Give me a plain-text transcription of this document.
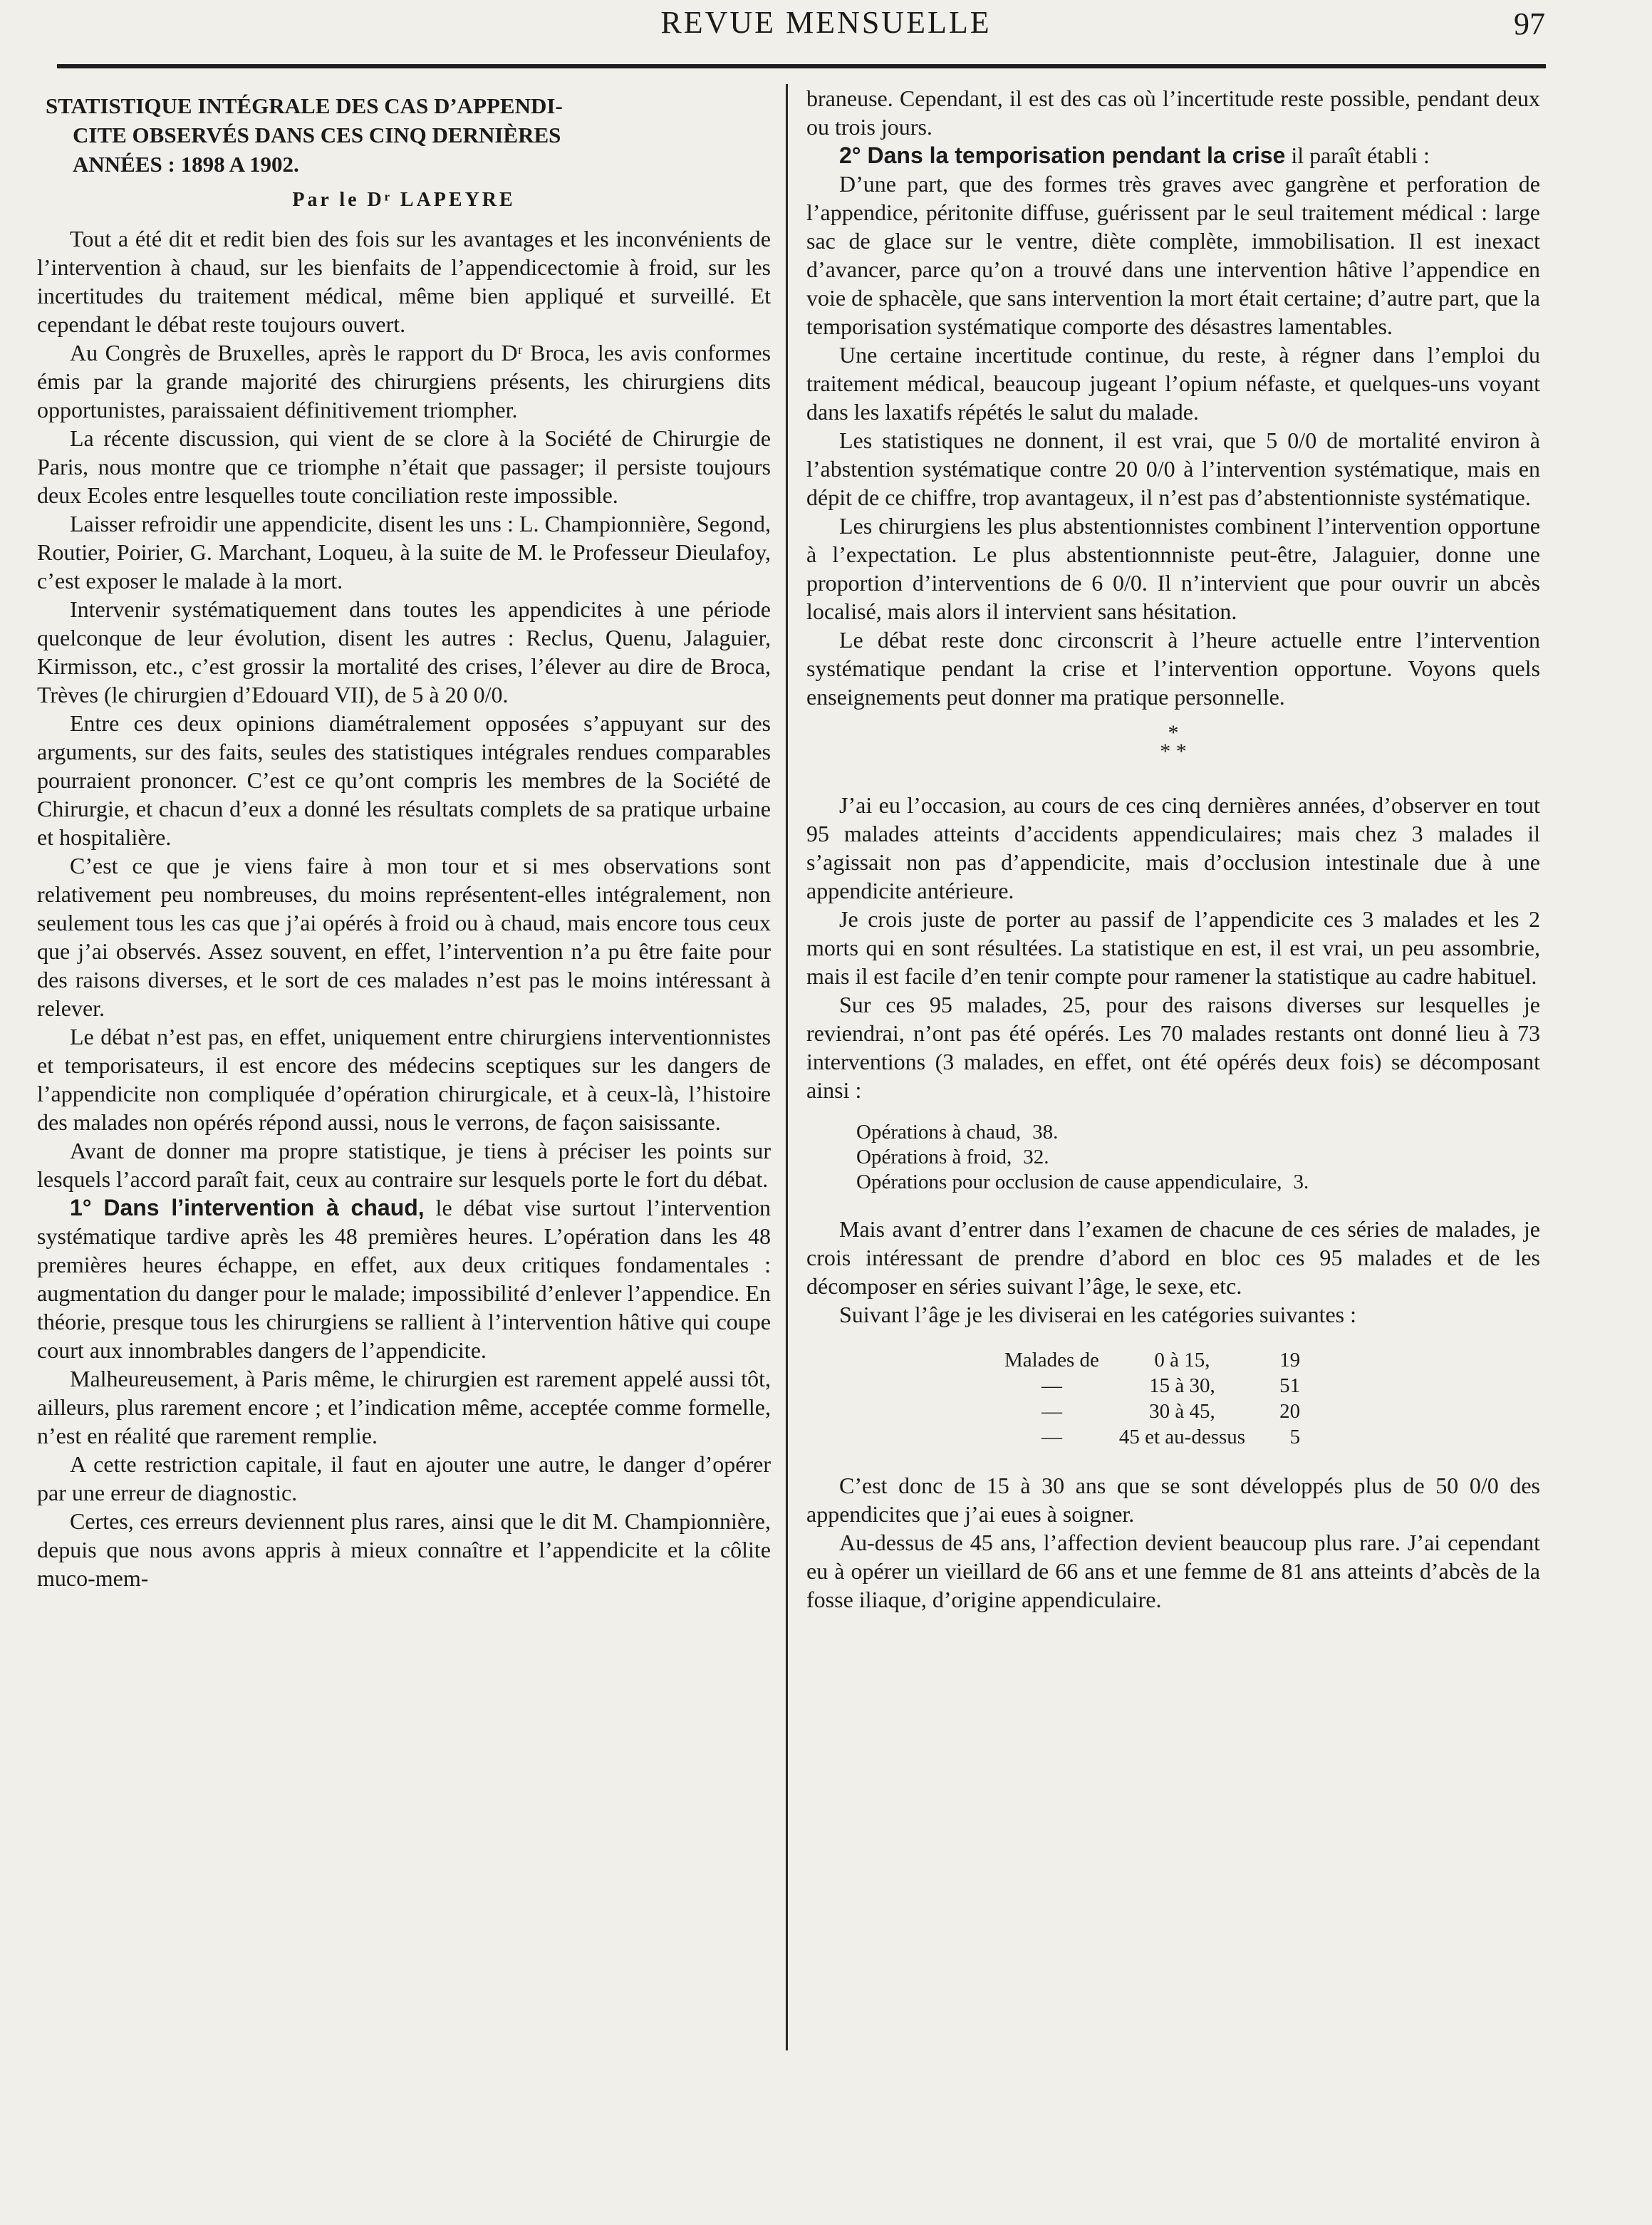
REVUE MENSUELLE	97
STATISTIQUE INTÉGRALE DES CAS D’APPENDI-
CITE OBSERVÉS DANS CES CINQ DERNIÈRES
ANNÉES : 1898 A 1902.
Par le Dʳ LAPEYRE

Tout a été dit et redit bien des fois sur les avantages et les inconvénients de l’intervention à chaud, sur les bienfaits de l’appendicectomie à froid, sur les incertitudes du traitement médical, même bien appliqué et surveillé. Et cependant le débat reste toujours ouvert.

Au Congrès de Bruxelles, après le rapport du Dʳ Broca, les avis conformes émis par la grande majorité des chirurgiens présents, les chirurgiens dits opportunistes, paraissaient définitivement triompher.

La récente discussion, qui vient de se clore à la Société de Chirurgie de Paris, nous montre que ce triomphe n’était que passager; il persiste toujours deux Ecoles entre lesquelles toute conciliation reste impossible.

Laisser refroidir une appendicite, disent les uns : L. Championnière, Segond, Routier, Poirier, G. Marchant, Loqueu, à la suite de M. le Professeur Dieulafoy, c’est exposer le malade à la mort.

Intervenir systématiquement dans toutes les appendicites à une période quelconque de leur évolution, disent les autres : Reclus, Quenu, Jalaguier, Kirmisson, etc., c’est grossir la mortalité des crises, l’élever au dire de Broca, Trèves (le chirurgien d’Edouard VII), de 5 à 20 0/0.

Entre ces deux opinions diamétralement opposées s’appuyant sur des arguments, sur des faits, seules des statistiques intégrales rendues comparables pourraient prononcer. C’est ce qu’ont compris les membres de la Société de Chirurgie, et chacun d’eux a donné les résultats complets de sa pratique urbaine et hospitalière.

C’est ce que je viens faire à mon tour et si mes observations sont relativement peu nombreuses, du moins représentent-elles intégralement, non seulement tous les cas que j’ai opérés à froid ou à chaud, mais encore tous ceux que j’ai observés. Assez souvent, en effet, l’intervention n’a pu être faite pour des raisons diverses, et le sort de ces malades n’est pas le moins intéressant à relever.

Le débat n’est pas, en effet, uniquement entre chirurgiens interventionnistes et temporisateurs, il est encore des médecins sceptiques sur les dangers de l’appendicite non compliquée d’opération chirurgicale, et à ceux-là, l’histoire des malades non opérés répond aussi, nous le verrons, de façon saisissante.

Avant de donner ma propre statistique, je tiens à préciser les points sur lesquels l’accord paraît fait, ceux au contraire sur lesquels porte le fort du débat.

1° Dans l’intervention à chaud, le débat vise surtout l’intervention systématique tardive après les 48 premières heures. L’opération dans les 48 premières heures échappe, en effet, aux deux critiques fondamentales : augmentation du danger pour le malade; impossibilité d’enlever l’appendice. En théorie, presque tous les chirurgiens se rallient à l’intervention hâtive qui coupe court aux innombrables dangers de l’appendicite.

Malheureusement, à Paris même, le chirurgien est rarement appelé aussi tôt, ailleurs, plus rarement encore ; et l’indication même, acceptée comme formelle, n’est en réalité que rarement remplie.

A cette restriction capitale, il faut en ajouter une autre, le danger d’opérer par une erreur de diagnostic.

Certes, ces erreurs deviennent plus rares, ainsi que le dit M. Championnière, depuis que nous avons appris à mieux connaître et l’appendicite et la côlite muco-mem-

braneuse. Cependant, il est des cas où l’incertitude reste possible, pendant deux ou trois jours.

2° Dans la temporisation pendant la crise il paraît établi :

D’une part, que des formes très graves avec gangrène et perforation de l’appendice, péritonite diffuse, guérissent par le seul traitement médical : large sac de glace sur le ventre, diète complète, immobilisation. Il est inexact d’avancer, parce qu’on a trouvé dans une intervention hâtive l’appendice en voie de sphacèle, que sans intervention la mort était certaine; d’autre part, que la temporisation systématique comporte des désastres lamentables.

Une certaine incertitude continue, du reste, à régner dans l’emploi du traitement médical, beaucoup jugeant l’opium néfaste, et quelques-uns voyant dans les laxatifs répétés le salut du malade.

Les statistiques ne donnent, il est vrai, que 5 0/0 de mortalité environ à l’abstention systématique contre 20 0/0 à l’intervention systématique, mais en dépit de ce chiffre, trop avantageux, il n’est pas d’abstentionniste systématique.

Les chirurgiens les plus abstentionnistes combinent l’intervention opportune à l’expectation. Le plus abstentionnniste peut-être, Jalaguier, donne une proportion d’interventions de 6 0/0. Il n’intervient que pour ouvrir un abcès localisé, mais alors il intervient sans hésitation.

Le débat reste donc circonscrit à l’heure actuelle entre l’intervention systématique pendant la crise et l’intervention opportune. Voyons quels enseignements peut donner ma pratique personnelle.

*
* *

J’ai eu l’occasion, au cours de ces cinq dernières années, d’observer en tout 95 malades atteints d’accidents appendiculaires; mais chez 3 malades il s’agissait non pas d’appendicite, mais d’occlusion intestinale due à une appendicite antérieure.

Je crois juste de porter au passif de l’appendicite ces 3 malades et les 2 morts qui en sont résultées. La statistique en est, il est vrai, un peu assombrie, mais il est facile d’en tenir compte pour ramener la statistique au cadre habituel.

Sur ces 95 malades, 25, pour des raisons diverses sur lesquelles je reviendrai, n’ont pas été opérés. Les 70 malades restants ont donné lieu à 73 interventions (3 malades, en effet, ont été opérés deux fois) se décomposant ainsi :

Opérations à chaud, 38.
Opérations à froid, 32.
Opérations pour occlusion de cause appendiculaire, 3.

Mais avant d’entrer dans l’examen de chacune de ces séries de malades, je crois intéressant de prendre d’abord en bloc ces 95 malades et de les décomposer en séries suivant l’âge, le sexe, etc.

Suivant l’âge je les diviserai en les catégories suivantes :

Malades de	0 à 15,	19
—	15 à 30,	51
—	30 à 45,	20
—	45 et au-dessus	5

C’est donc de 15 à 30 ans que se sont développés plus de 50 0/0 des appendicites que j’ai eues à soigner.

Au-dessus de 45 ans, l’affection devient beaucoup plus rare. J’ai cependant eu à opérer un vieillard de 66 ans et une femme de 81 ans atteints d’abcès de la fosse iliaque, d’origine appendiculaire.
